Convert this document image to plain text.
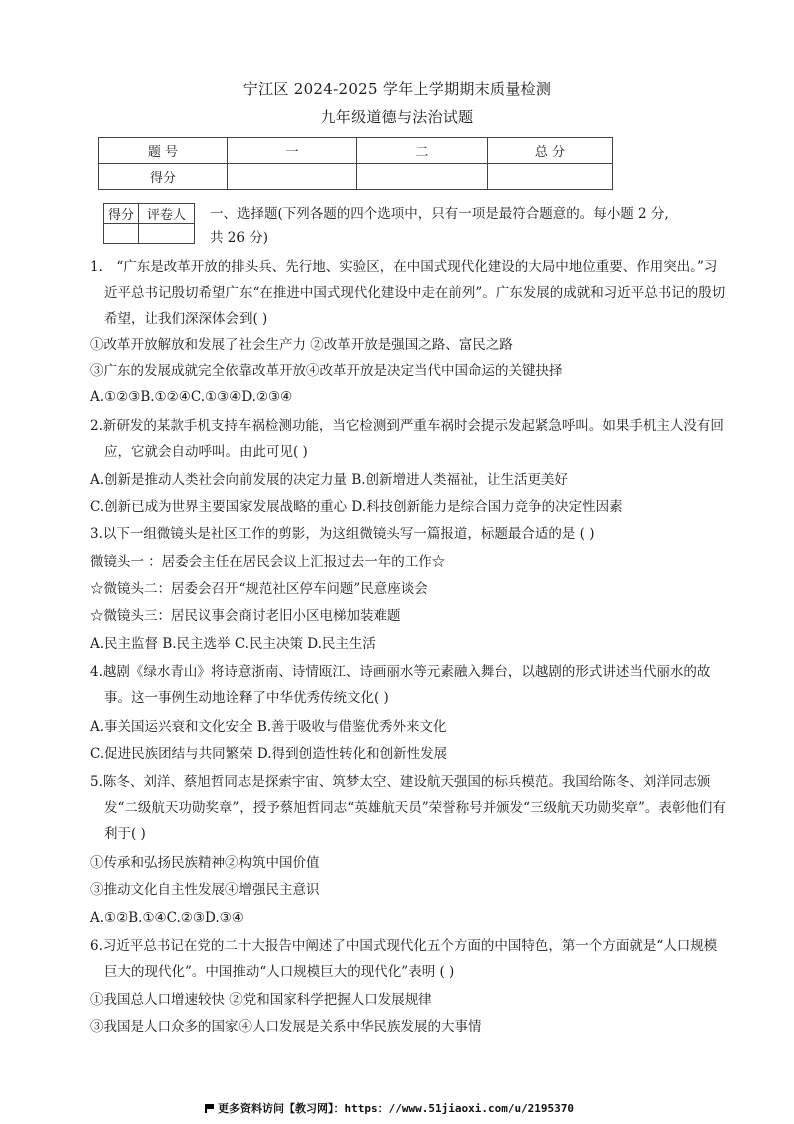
宁江区 2024-2025 学年上学期期末质量检测
九年级道德与法治试题
题 号	一	二	总 分
得分			
得分	评卷人
	一、选择题(下列各题的四个选项中，只有一项是最符合题意的。每小题 2 分,
共 26 分)
1.　“广东是改革开放的排头兵、先行地、实验区，在中国式现代化建设的大局中地位重要、作用突出。”习近平总书记殷切希望广东“在推进中国式现代化建设中走在前列”。广东发展的成就和习近平总书记的殷切希望，让我们深深体会到( )
①改革开放解放和发展了社会生产力 ②改革开放是强国之路、富民之路
③广东的发展成就完全依靠改革开放④改革开放是决定当代中国命运的关键抉择
A.①②③B.①②④C.①③④D.②③④
2.新研发的某款手机支持车祸检测功能，当它检测到严重车祸时会提示发起紧急呼叫。如果手机主人没有回应，它就会自动呼叫。由此可见( )
A.创新是推动人类社会向前发展的决定力量 B.创新增进人类福祉，让生活更美好
C.创新已成为世界主要国家发展战略的重心 D.科技创新能力是综合国力竞争的决定性因素
3.以下一组微镜头是社区工作的剪影，为这组微镜头写一篇报道，标题最合适的是 ( )
微镜头一 ：居委会主任在居民会议上汇报过去一年的工作☆
☆微镜头二：居委会召开“规范社区停车问题”民意座谈会
☆微镜头三：居民议事会商讨老旧小区电梯加装难题
A.民主监督 B.民主选举 C.民主决策 D.民主生活
4.越剧《绿水青山》将诗意浙南、诗情瓯江、诗画丽水等元素融入舞台，以越剧的形式讲述当代丽水的故事。这一事例生动地诠释了中华优秀传统文化( )
A.事关国运兴衰和文化安全 B.善于吸收与借鉴优秀外来文化
C.促进民族团结与共同繁荣 D.得到创造性转化和创新性发展
5.陈冬、刘洋、蔡旭哲同志是探索宇宙、筑梦太空、建设航天强国的标兵模范。我国给陈冬、刘洋同志颁发“二级航天功勋奖章”，授予蔡旭哲同志“英雄航天员”荣誉称号并颁发“三级航天功勋奖章”。表彰他们有利于( )
①传承和弘扬民族精神②构筑中国价值
③推动文化自主性发展④增强民主意识
A.①②B.①④C.②③D.③④
6.习近平总书记在党的二十大报告中阐述了中国式现代化五个方面的中国特色，第一个方面就是“人口规模巨大的现代化”。中国推动“人口规模巨大的现代化”表明 ( )
①我国总人口增速较快 ②党和国家科学把握人口发展规律
③我国是人口众多的国家④人口发展是关系中华民族发展的大事情
更多资料访问【教习网】：https：//www.51jiaoxi.com/u/2195370
